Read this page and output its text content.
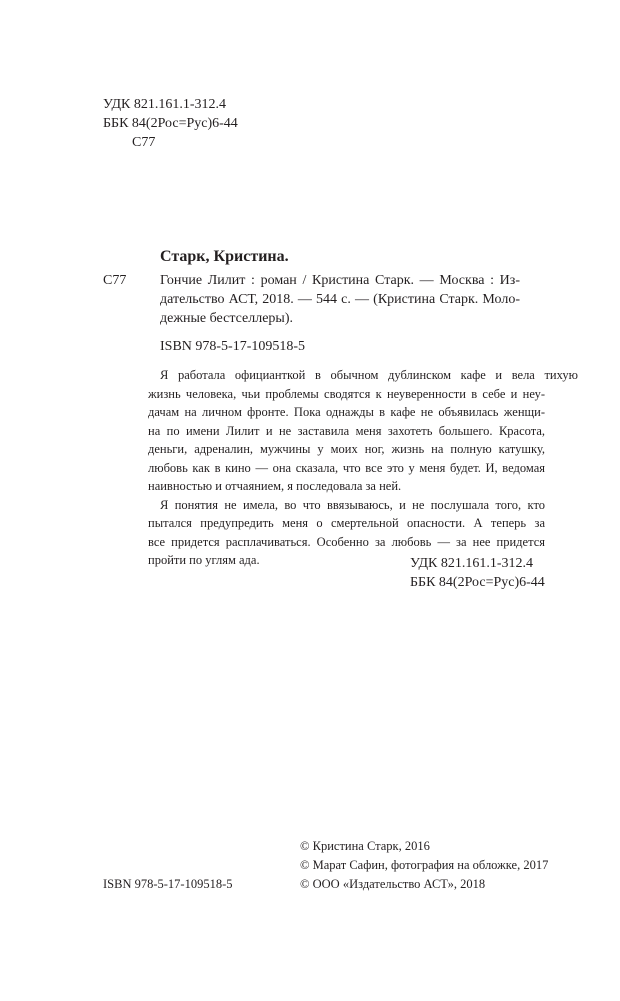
УДК 821.161.1-312.4
ББК 84(2Рос=Рус)6-44
С77
Старк, Кристина.
С77 Гончие Лилит : роман / Кристина Старк. — Москва : Из-
дательство АСТ, 2018. — 544 с. — (Кристина Старк. Моло-
дежные бестселлеры).
ISBN 978-5-17-109518-5
Я работала официанткой в обычном дублинском кафе и вела тихую
жизнь человека, чьи проблемы сводятся к неуверенности в себе и неу-
дачам на личном фронте. Пока однажды в кафе не объявилась женщи-
на по имени Лилит и не заставила меня захотеть большего. Красота,
деньги, адреналин, мужчины у моих ног, жизнь на полную катушку,
любовь как в кино — она сказала, что все это у меня будет. И, ведомая
наивностью и отчаянием, я последовала за ней.
Я понятия не имела, во что ввязываюсь, и не послушала того, кто
пытался предупредить меня о смертельной опасности. А теперь за
все придется расплачиваться. Особенно за любовь — за нее придется
пройти по углям ада.	УДК 821.161.1-312.4
ББК 84(2Рос=Рус)6-44
© Кристина Старк, 2016
© Марат Сафин, фотография на обложке, 2017
ISBN 978-5-17-109518-5	© ООО «Издательство АСТ», 2018
